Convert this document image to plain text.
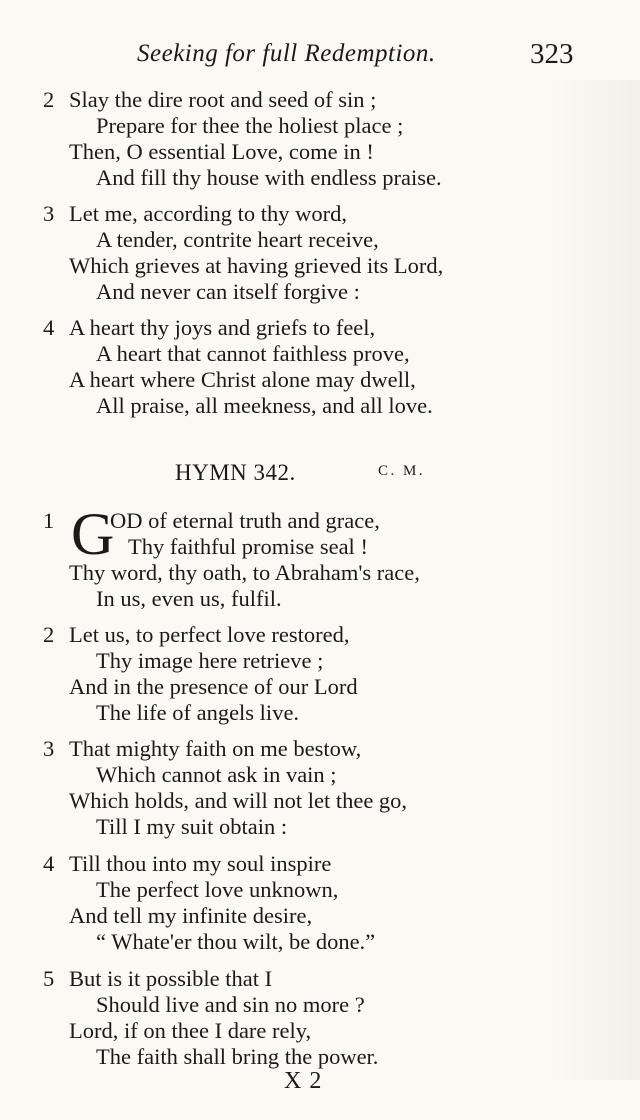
Seeking for full Redemption.	323
2 Slay the dire root and seed of sin ;
Prepare for thee the holiest place ;
Then, O essential Love, come in !
And fill thy house with endless praise.
3 Let me, according to thy word,
A tender, contrite heart receive,
Which grieves at having grieved its Lord,
And never can itself forgive :
4 A heart thy joys and griefs to feel,
A heart that cannot faithless prove,
A heart where Christ alone may dwell,
All praise, all meekness, and all love.
HYMN 342.	C. M.
1 G
OD of eternal truth and grace,
Thy faithful promise seal !
Thy word, thy oath, to Abraham's race,
In us, even us, fulfil.
2 Let us, to perfect love restored,
Thy image here retrieve ;
And in the presence of our Lord
The life of angels live.
3 That mighty faith on me bestow,
Which cannot ask in vain ;
Which holds, and will not let thee go,
Till I my suit obtain :
4 Till thou into my soul inspire
The perfect love unknown,
And tell my infinite desire,
“ Whate'er thou wilt, be done.”
5 But is it possible that I
Should live and sin no more ?
Lord, if on thee I dare rely,
The faith shall bring the power.
X 2
